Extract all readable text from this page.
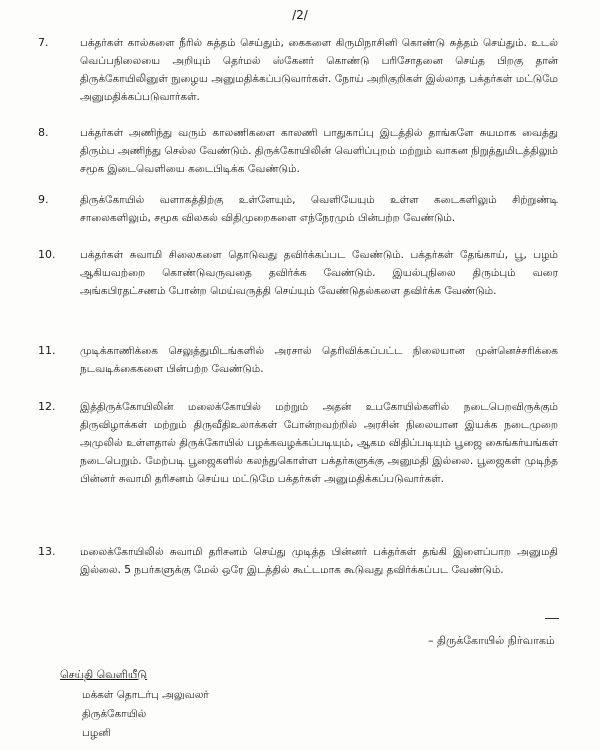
/2/
7.	பக்தர்கள் கால்களை நீரில் சுத்தம் செய்தும், கைகளை கிருமிநாசினி கொண்டு சுத்தம் செய்தும். உடல் வெப்பநிலையை அறியும் தெர்மல் ஸ்கேனர் கொண்டு பரிசோதனை செய்த பிறகு தான் திருக்கோயிலினுள் நுழைய அனுமதிக்கப்படுவார்கள். நோய் அறிகுறிகள் இல்லாத பக்தர்கள் மட்டுமே அனுமதிக்கப்படுவார்கள்.
8.	பக்தர்கள் அணிந்து வரும் காலணிகளை காலணி பாதுகாப்பு இடத்தில் தாங்களே சுயமாக வைத்து திரும்ப அணிந்து செல்ல வேண்டும். திருக்கோயிலின் வெளிப்புறம் மற்றும் வாகன நிறுத்துமிடத்திலும் சமூக இடைவெளியை கடைபிடிக்க வேண்டும்.
9.	திருக்கோயில் வளாகத்திற்கு உள்ளேயும், வெளியேயும் உள்ள கடைகளிலும் சிற்றுண்டி சாலைகளிலும், சமூக விலகல் விதிமுறைகளை எந்நேரமும் பின்பற்ற வேண்டும்.
10.	பக்தர்கள் சுவாமி சிலைகளை தொடுவது தவிர்க்கப்பட வேண்டும். பக்தர்கள் தேங்காய், பூ, பழம் ஆகியவற்றை கொண்டுவருவதை தவிர்க்க வேண்டும். இயல்புநிலை திரும்பும் வரை அங்கபிரதட்சணம் போன்ற மெய்வருத்தி செய்யும் வேண்டுதல்களை தவிர்க்க வேண்டும்.
11.	முடிக்காணிக்கை செலுத்துமிடங்களில் அரசால் தெரிவிக்கப்பட்ட நிலையான முன்னெச்சரிக்கை நடவடிக்கைகளை பின்பற்ற வேண்டும்.
12.	இத்திருக்கோயிலின் மலைக்கோயில் மற்றும் அதன் உபகோயில்களில் நடைபெறவிருக்கும் திருவிழாக்கள் மற்றும் திருவீதிஉலாக்கள் போன்றவற்றில் அரசின் நிலையான இயக்க நடைமுறை அமுலில் உள்ளதால் திருக்கோயில் பழக்கவழக்கப்படியும், ஆகம விதிப்படியும் பூஜை கைங்கர்யங்கள் நடைபெறும். மேற்படி பூஜைகளில் கலந்துகொள்ள பக்தர்களுக்கு அனுமதி இல்லை. பூஜைகள் முடிந்த பின்னர் சுவாமி தரிசனம் செய்ய மட்டுமே பக்தர்கள் அனுமதிக்கப்படுவார்கள்.
13.	மலைக்கோயிலில் சுவாமி தரிசனம் செய்து முடித்த பின்னர் பக்தர்கள் தங்கி இளைப்பாற அனுமதி இல்லை. 5 நபர்களுக்கு மேல் ஒரே இடத்தில் கூட்டமாக கூடுவது தவிர்க்கப்பட வேண்டும்.
– திருக்கோயில் நிர்வாகம்
செய்தி வெளியீடு
மக்கள் தொடர்பு அலுவலர்
திருக்கோயில்
பழனி
